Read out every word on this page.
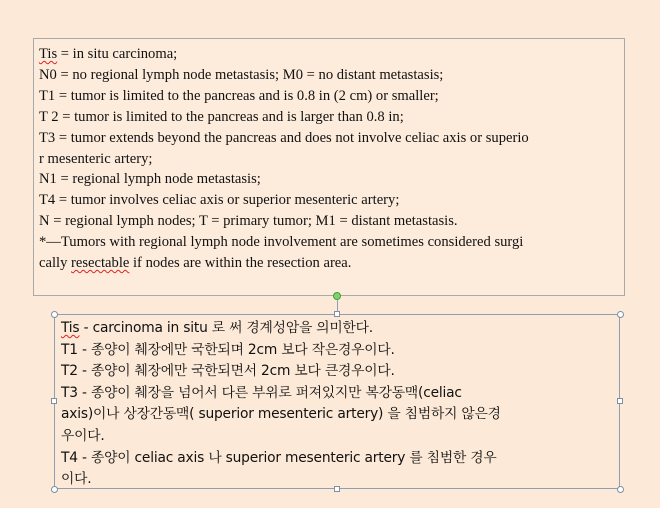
Tis = in situ carcinoma;
N0 = no regional lymph node metastasis; M0 = no distant metastasis;
T1 = tumor is limited to the pancreas and is 0.8 in (2 cm) or smaller;
T 2 = tumor is limited to the pancreas and is larger than 0.8 in;
T3 = tumor extends beyond the pancreas and does not involve celiac axis or superio
r mesenteric artery;
N1 = regional lymph node metastasis;
T4 = tumor involves celiac axis or superior mesenteric artery;
N = regional lymph nodes; T = primary tumor; M1 = distant metastasis.
*—Tumors with regional lymph node involvement are sometimes considered surgi
cally resectable if nodes are within the resection area.
Tis - carcinoma in situ 로 써 경계성암을 의미한다.
T1 - 종양이 췌장에만 국한되며 2cm 보다 작은경우이다.
T2 - 종양이 췌장에만 국한되면서 2cm 보다 큰경우이다.
T3 - 종양이 췌장을 넘어서 다른 부위로 퍼져있지만 복강동맥(celiac
axis)이나 상장간동맥( superior mesenteric artery) 을 침범하지 않은경
우이다.
T4 - 종양이 celiac axis 나 superior mesenteric artery 를 침범한 경우
이다.
